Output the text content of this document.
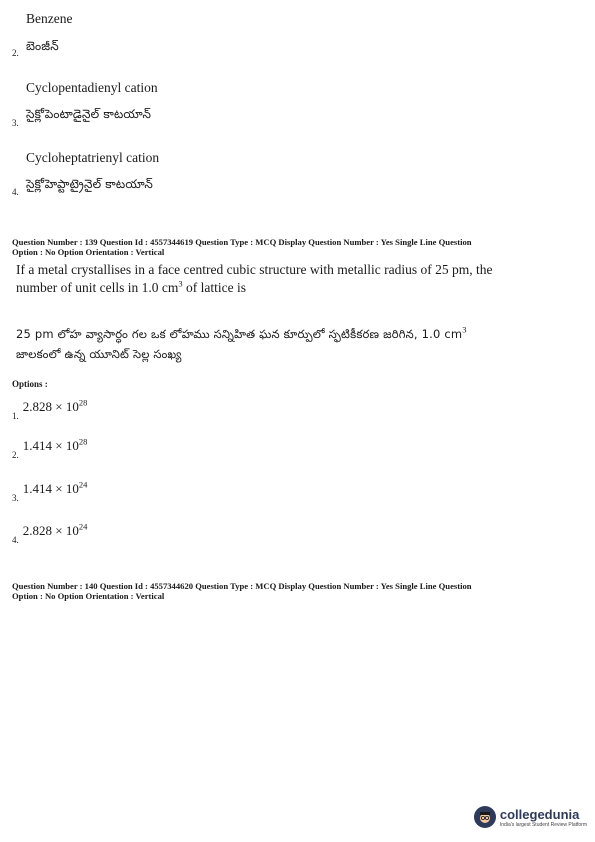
Benzene
2. బెంజీన్
Cyclopentadienyl cation
3.
సైక్లోపెంటాడైనైల్ కాటయాన్
Cycloheptatrienyl cation
4.
సైక్లోహెప్టాట్రైనైల్ కాటయాన్
Question Number : 139 Question Id : 4557344619 Question Type : MCQ Display Question Number : Yes Single Line Question
Option : No Option Orientation : Vertical
If a metal crystallises in a face centred cubic structure with metallic radius of 25 pm, the
number of unit cells in 1.0 $cm^3$ of lattice is
25 pm లోహ వ్యాసార్ధం గల ఒక లోహము సన్నిహిత ఘన కూర్పులో స్ఫటికీకరణ జరిగిన, 1.0 $cm^3$
జాలకంలో ఉన్న యూనిట్ సెల్ల సంఖ్య
Options :
$_{1.}$ $2.828 \times 10^{28}$
$_{2.}$ $1.414 \times 10^{28}$
$_{3.}$ $1.414 \times 10^{24}$
$_{4.}$ $2.828 \times 10^{24}$
Question Number : 140 Question Id : 4557344620 Question Type : MCQ Display Question Number : Yes Single Line Question
Option : No Option Orientation : Vertical
collegedunia
India's largest Student Review Platform
